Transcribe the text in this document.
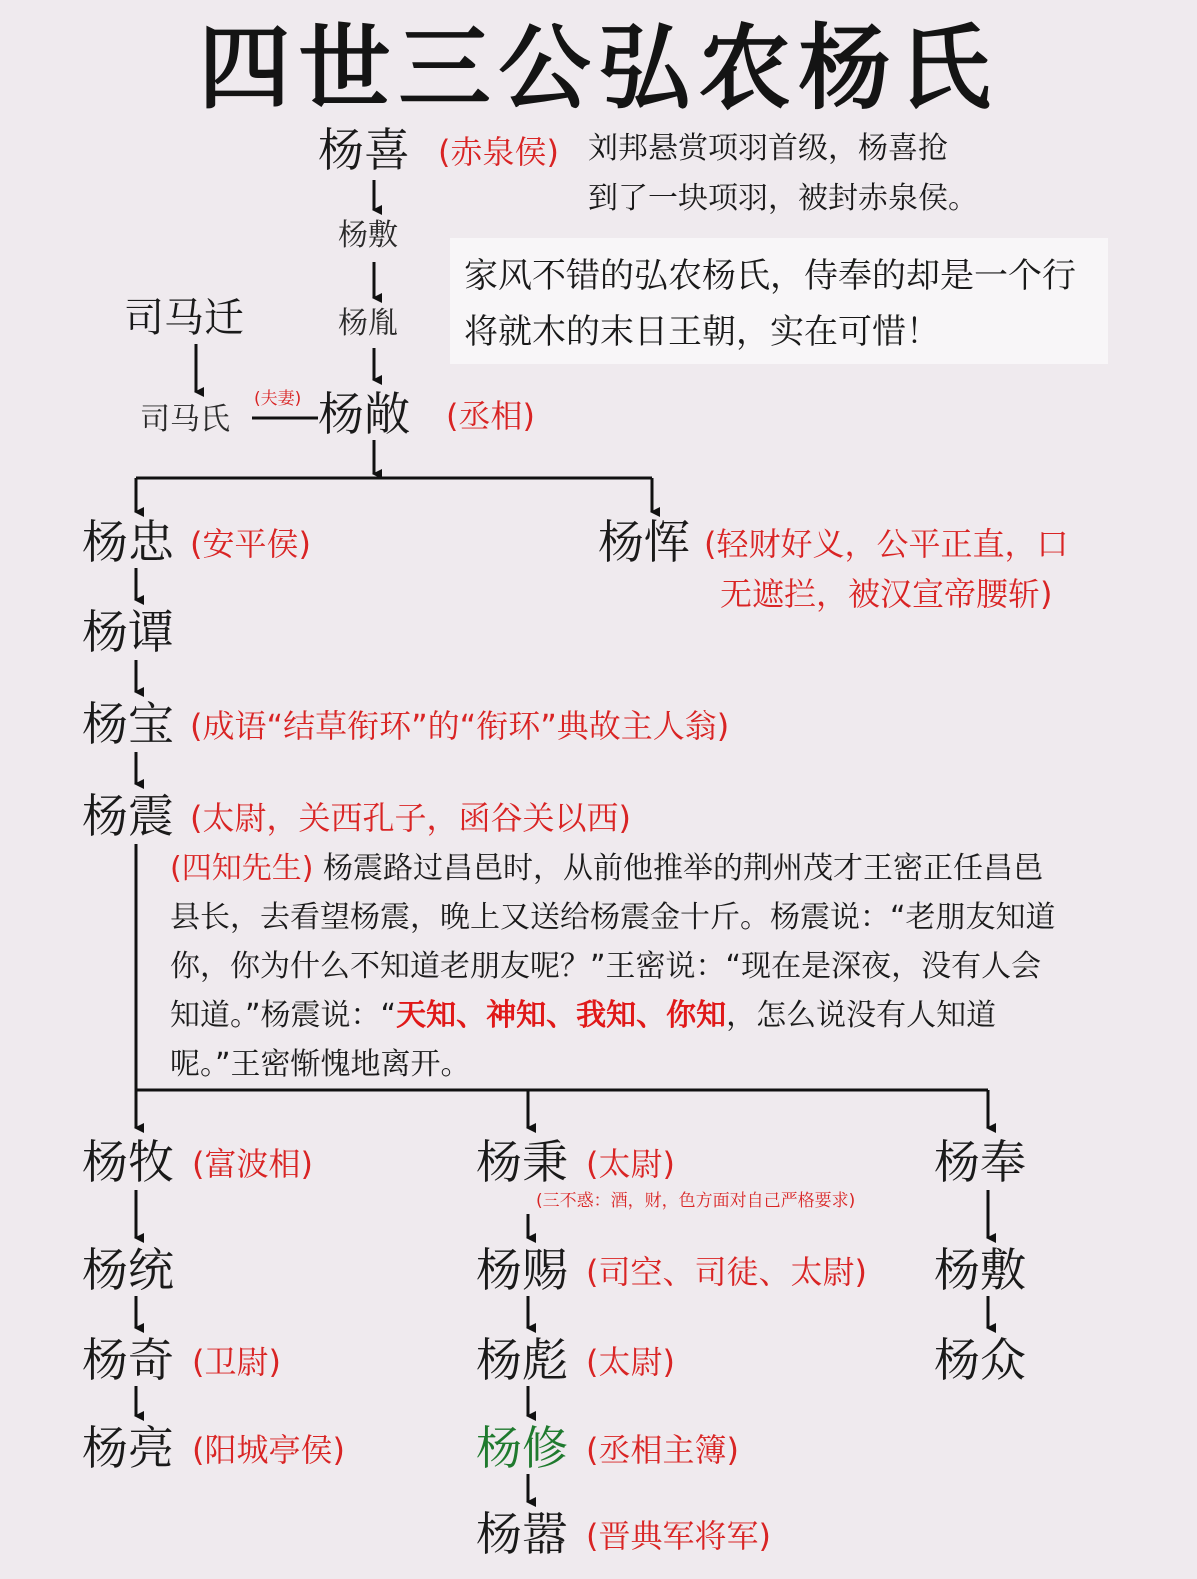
四世三公弘农杨氏
杨喜 (赤泉侯) 刘邦悬赏项羽首级，杨喜抢
到了一块项羽，被封赤泉侯。
杨敷
杨胤
司马迁
司马氏
(夫妻) 杨敞 (丞相)
家风不错的弘农杨氏，侍奉的却是一个行将就木的末日王朝，实在可惜！
杨忠 (安平侯)
杨谭
杨宝 (成语“结草衔环”的“衔环”典故主人翁)
杨震 (太尉，关西孔子，函谷关以西)
杨恽 (轻财好义，公平正直，口
无遮拦，被汉宣帝腰斩)
(四知先生) 杨震路过昌邑时，从前他推举的荆州茂才王密正任昌邑县长，去看望杨震，晚上又送给杨震金十斤。杨震说：“老朋友知道你，你为什么不知道老朋友呢？”王密说：“现在是深夜，没有人会知道。”杨震说：“天知、神知、我知、你知，怎么说没有人知道呢。”王密惭愧地离开。
杨牧 (富波相)
杨统
杨奇 (卫尉)
杨亮 (阳城亭侯)
杨秉 (太尉)
(三不惑：酒，财，色方面对自己严格要求)
杨赐 (司空、司徒、太尉)
杨彪 (太尉)
杨修 (丞相主簿)
杨嚣 (晋典军将军)
杨奉
杨敷
杨众
